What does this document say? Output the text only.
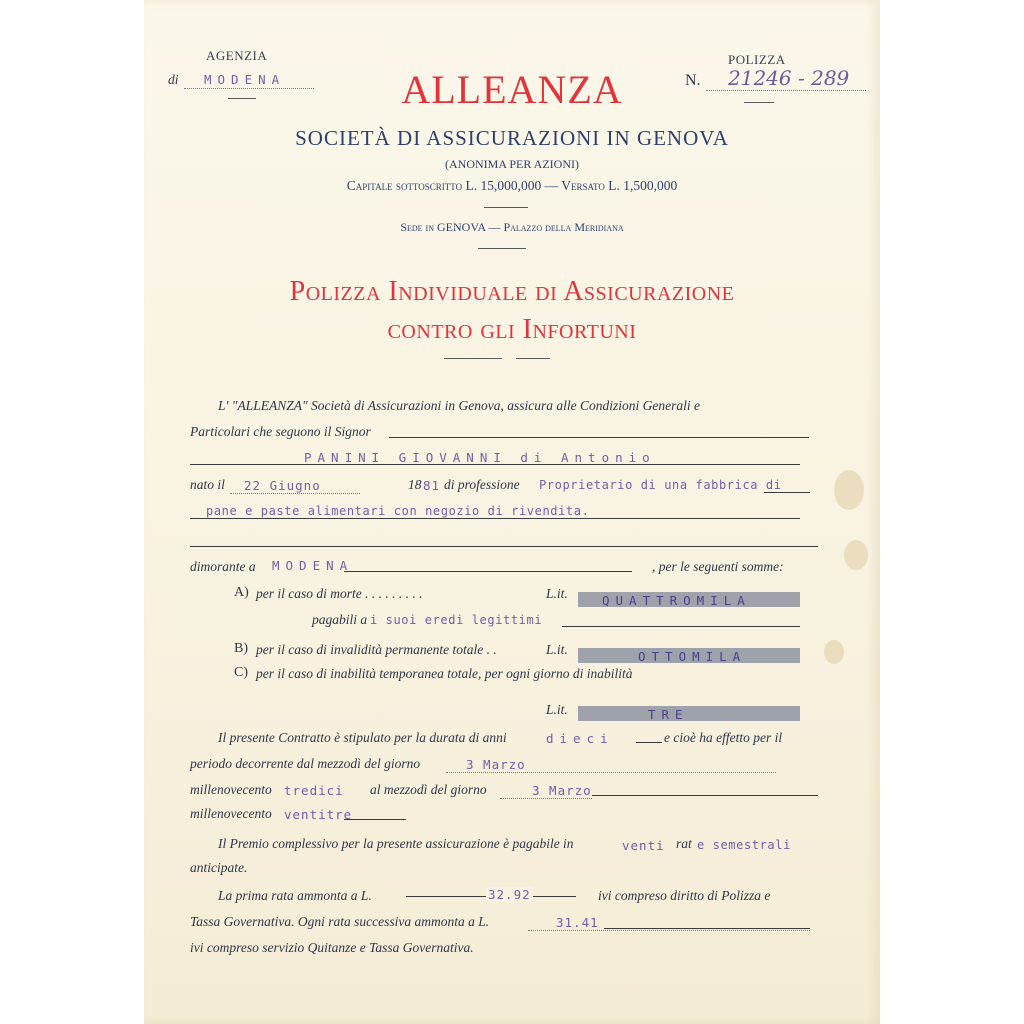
AGENZIA
di MODENA
POLIZZA
N. 21246 - 289
ALLEANZA
SOCIETÀ DI ASSICURAZIONI IN GENOVA
(ANONIMA PER AZIONI)
Capitale sottoscritto L. 15,000,000 — Versato L. 1,500,000
Sede in GENOVA — Palazzo della Meridiana
Polizza Individuale di Assicurazione
contro gli Infortuni
L' "ALLEANZA" Società di Assicurazioni in Genova, assicura alle Condizioni Generali e
Particolari che seguono il Signor
PANINI GIOVANNI di Antonio
nato il 22 Giugno	18 81 di professione Proprietario di una fabbrica di
pane e paste alimentari con negozio di rivendita.
dimorante a MODENA	, per le seguenti somme:
A) per il caso di morte . . . . . . . . .	L.it.	QUATTROMILA
pagabili a i suoi eredi legittimi
B) per il caso di invalidità permanente totale . .	L.it.	OTTOMILA
C) per il caso di inabilità temporanea totale, per ogni giorno di inabilità
L.it.	TRE
Il presente Contratto è stipulato per la durata di anni	dieci	e cioè ha effetto per il
periodo decorrente dal mezzodì del giorno	3 Marzo
millenovecento tredici al mezzodì del giorno	3 Marzo
millenovecento ventitre
Il Premio complessivo per la presente assicurazione è pagabile in	venti rat e semestrali
anticipate.
La prima rata ammonta a L.	32.92	ivi compreso diritto di Polizza e
Tassa Governativa. Ogni rata successiva ammonta a L.	31.41
ivi compreso servizio Quitanze e Tassa Governativa.
